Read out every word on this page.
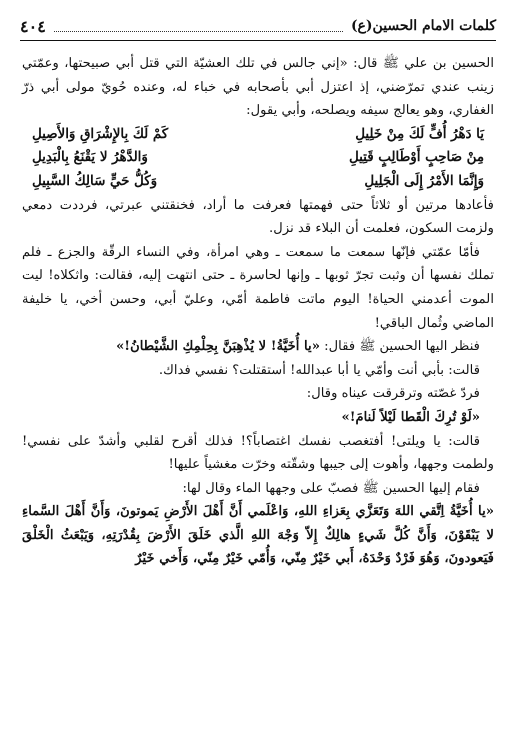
كلمات الامام الحسين(ع)
٤٠٤

الحسين بن علي ﷺ قال: «إني جالس في تلك العشيّة التي قتل أبي صبيحتها، وعمّتي زينب عندي تمرّضني، إذ اعتزل أبي بأصحابه في خباء له، وعنده حُويّ مولى أبي ذرّ الغفاري، وهو يعالج سيفه ويصلحه، وأبي يقول:

يَا دَهْرُ أُفٍّ لَكَ مِنْ خَلِيلِ
كَمْ لَكَ بِالإِشْرَاقِ وَالأَصِيلِ
مِنْ صَاحِبٍ أَوْطَالِبٍ قَتِيلِ
وَالدَّهْرُ لا يَقْنَعُ بِالْبَدِيلِ
وَإِنَّمَا الأَمْرُ إِلَى الْجَلِيلِ
وَكُلُّ حَيٍّ سَالِكُ السَّبِيلِ

فأعادها مرتين أو ثلاثاً حتى فهمتها فعرفت ما أراد، فخنقتني عبرتي، فرددت دمعي ولزمت السكون، فعلمت أن البلاء قد نزل.

فأمّا عمّتي فإنّها سمعت ما سمعت ـ وهي امرأة، وفي النساء الرقّة والجزع ـ فلم تملك نفسها أن وثبت تجرّ ثوبها ـ وإنها لحاسرة ـ حتى انتهت إليه، فقالت: واثكلاه! ليت الموت أعدمني الحياة! اليوم ماتت فاطمة أمّي، وعليّ أبي، وحسن أخي، يا خليفة الماضي وثُمال الباقي!

فنظر اليها الحسين ﷺ فقال: «يا أُخَيَّةُ! لا يُذْهِبَنَّ بِحِلْمِكِ الشَّيْطانُ!»

قالت: بأبي أنت وأمّي يا أبا عبدالله! أستقتلت؟ نفسي فداك.

فردّ غصّته وترقرقت عيناه وقال:

«لَوْ تُرِكَ الْقَطا لَيْلاً لَنامَ!»

قالت: يا ويلتى! أفتغصب نفسك اغتصاباً؟! فذلك أقرح لقلبي وأشدّ على نفسي! ولطمت وجهها، وأهوت إلى جيبها وشقّته وخرّت مغشياً عليها!

فقام إليها الحسين ﷺ فصبّ على وجهها الماء وقال لها:

«يا أُخَيَّةُ اِتَّقي اللهَ وَتَعَزَّي بِعَزاءِ اللهِ، وَاعْلَمي أَنَّ أَهْلَ الأَرْضِ يَموتونَ، وَأَنَّ أَهْلَ السَّماءِ لا يَبْقَوْنَ، وَأَنَّ كُلَّ شَيءٍ هالِكٌ إِلاّ وَجْهَ اللهِ الَّذي خَلَقَ الأَرْضَ بِقُدْرَتِهِ، وَيَبْعَثُ الْخَلْقَ فَيَعودونَ، وَهُوَ فَرْدٌ وَحْدَهُ، أَبي خَيْرٌ مِنّي، وَأُمّي خَيْرٌ مِنّي، وَأَخي خَيْرٌ
